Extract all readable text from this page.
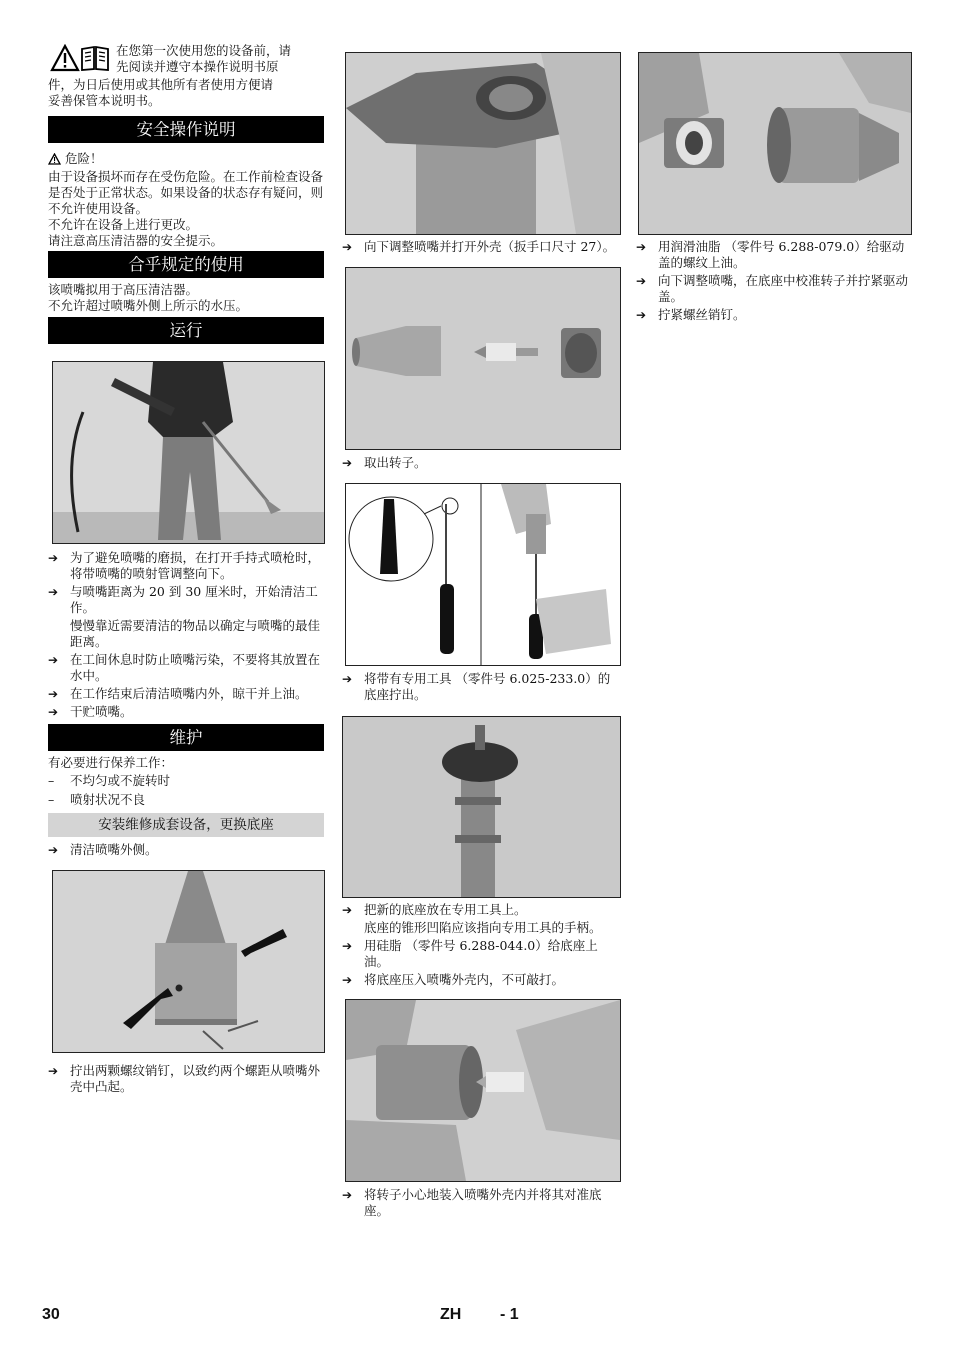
在您第一次使用您的设备前，请

先阅读并遵守本操作说明书原

件，为日后使用或其他所有者使用方便请

妥善保管本说明书。

安全操作说明
危险！

由于设备损坏而存在受伤危险。在工作前检查设备是否处于正常状态。如果设备的状态存有疑问，则不允许使用设备。

不允许在设备上进行更改。

请注意高压清洁器的安全提示。

合乎规定的使用

该喷嘴拟用于高压清洁器。

不允许超过喷嘴外侧上所示的水压。

运行
➔ 为了避免喷嘴的磨损，在打开手持式喷枪时，将带喷嘴的喷射管调整向下。
➔ 与喷嘴距离为 20 到 30 厘米时，开始清洁工作。
慢慢靠近需要清洁的物品以确定与喷嘴的最佳距离。
➔ 在工间休息时防止喷嘴污染，不要将其放置在水中。
➔ 在工作结束后清洁喷嘴内外，晾干并上油。
➔ 干贮喷嘴。
维护

有必要进行保养工作：

– 不均匀或不旋转时
– 喷射状况不良
安装维修成套设备，更换底座
➔ 清洁喷嘴外侧。
➔ 拧出两颗螺纹销钉，以致约两个螺距从喷嘴外壳中凸起。
➔ 向下调整喷嘴并打开外壳（扳手口尺寸 27）。
➔ 取出转子。
➔ 将带有专用工具 （零件号 6.025-233.0）的底座拧出。
➔ 把新的底座放在专用工具上。
底座的锥形凹陷应该指向专用工具的手柄。
➔ 用硅脂 （零件号 6.288-044.0）给底座上油。
➔ 将底座压入喷嘴外壳内，不可敲打。
➔ 将转子小心地装入喷嘴外壳内并将其对准底座。
➔ 用润滑油脂 （零件号 6.288-079.0）给驱动盖的螺纹上油。
➔ 向下调整喷嘴，在底座中校准转子并拧紧驱动盖。
➔ 拧紧螺丝销钉。
30	ZH - 1
